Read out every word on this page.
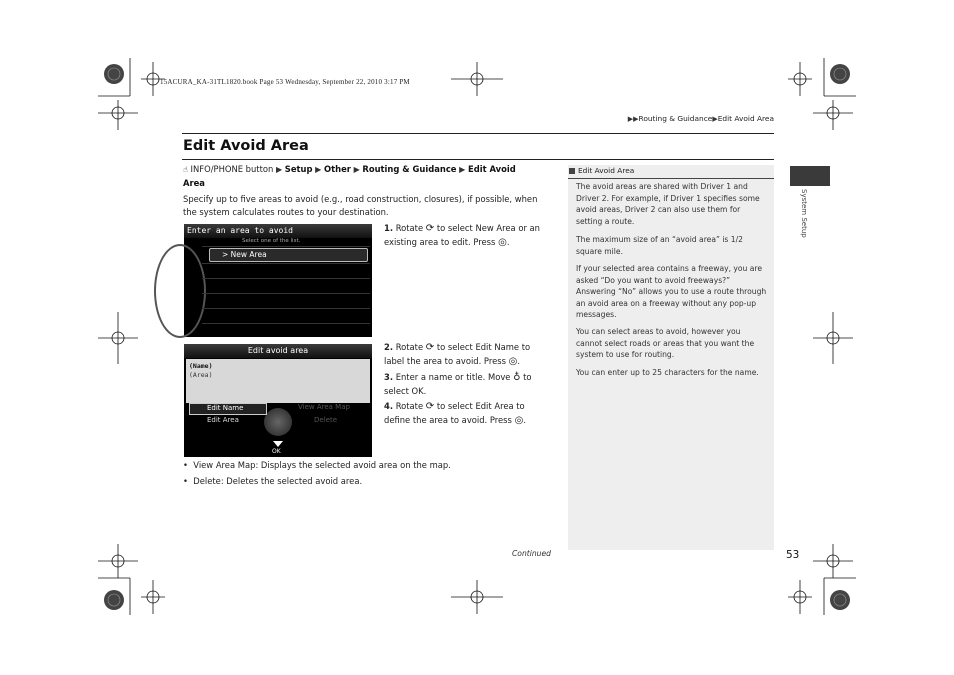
15ACURA_KA-31TL1820.book Page 53 Wednesday, September 22, 2010 3:17 PM
▶▶Routing & Guidance▶Edit Avoid Area
Edit Avoid Area
☝ INFO/PHONE button ▶ Setup ▶ Other ▶ Routing & Guidance ▶ Edit Avoid
Area
Specify up to five areas to avoid (e.g., road construction, closures), if possible, when the system calculates routes to your destination.
Enter an area to avoid
Select one of the list.
> New Area
Edit avoid area
(Name)
(Area)
Edit Name	View Area Map
Edit Area	Delete
OK
1. Rotate ⟳ to select New Area or an existing area to edit. Press ◎.
2. Rotate ⟳ to select Edit Name to label the area to avoid. Press ◎.
3. Enter a name or title. Move ♁ to select OK.
4. Rotate ⟳ to select Edit Area to define the area to avoid. Press ◎.
• View Area Map: Displays the selected avoid area on the map.
• Delete: Deletes the selected avoid area.
Edit Avoid Area
The avoid areas are shared with Driver 1 and Driver 2. For example, if Driver 1 specifies some avoid areas, Driver 2 can also use them for setting a route.
The maximum size of an “avoid area” is 1/2 square mile.
If your selected area contains a freeway, you are asked “Do you want to avoid freeways?” Answering “No” allows you to use a route through an avoid area on a freeway without any pop-up messages.
You can select areas to avoid, however you cannot select roads or areas that you want the system to use for routing.
You can enter up to 25 characters for the name.
System Setup
Continued	53
